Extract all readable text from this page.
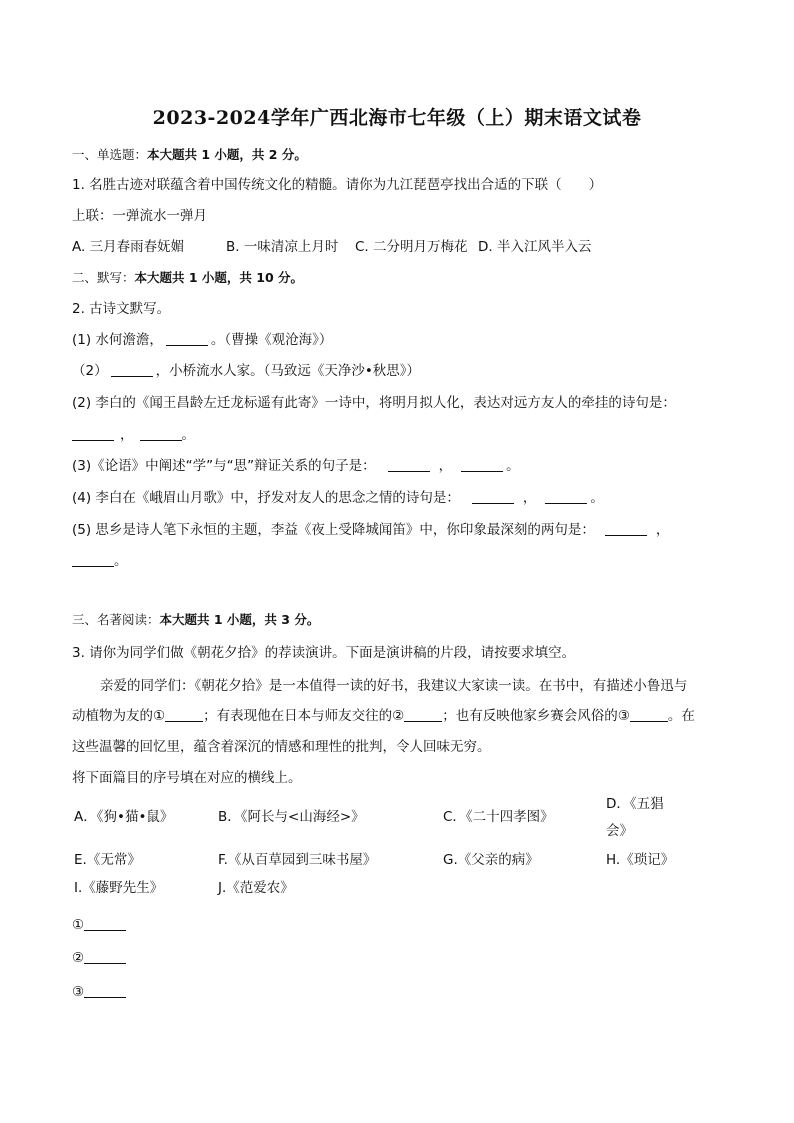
2023-2024学年广西北海市七年级（上）期末语文试卷
一、单选题：本大题共 1 小题，共 2 分。
1. 名胜古迹对联蕴含着中国传统文化的精髓。请你为九江琵琶亭找出合适的下联（　　）
上联：一弹流水一弹月
A. 三月春雨春妩媚	B. 一味清凉上月时 C. 二分明月万梅花 D. 半入江风半入云
二、默写：本大题共 1 小题，共 10 分。
2. 古诗文默写。
(1) 水何澹澹，	。（曹操《观沧海》）
（2）	，小桥流水人家。（马致远《天净沙•秋思》）
(2) 李白的《闻王昌龄左迁龙标遥有此寄》一诗中，将明月拟人化，表达对远方友人的牵挂的诗句是：
，	。
(3)《论语》中阐述“学”与“思”辩证关系的句子是：	，	。
(4) 李白在《峨眉山月歌》中，抒发对友人的思念之情的诗句是：	，	。
(5) 思乡是诗人笔下永恒的主题，李益《夜上受降城闻笛》中，你印象最深刻的两句是：	，
。
三、名著阅读：本大题共 1 小题，共 3 分。
3. 请你为同学们做《朝花夕拾》的荐读演讲。下面是演讲稿的片段，请按要求填空。
亲爱的同学们：《朝花夕拾》是一本值得一读的好书，我建议大家读一读。在书中，有描述小鲁迅与
动植物为友的①	；有表现他在日本与师友交往的②	；也有反映他家乡赛会风俗的③	。在
这些温馨的回忆里，蕴含着深沉的情感和理性的批判，令人回味无穷。
将下面篇目的序号填在对应的横线上。
A．《狗•猫•鼠》	B．《阿长与<山海经>》	C．《二十四孝图》
D．《五猖
会》
E.《无常》	F.《从百草园到三味书屋》	G.《父亲的病》	H.《琐记》
I.《藤野先生》	J.《范爱农》
①
②
③
